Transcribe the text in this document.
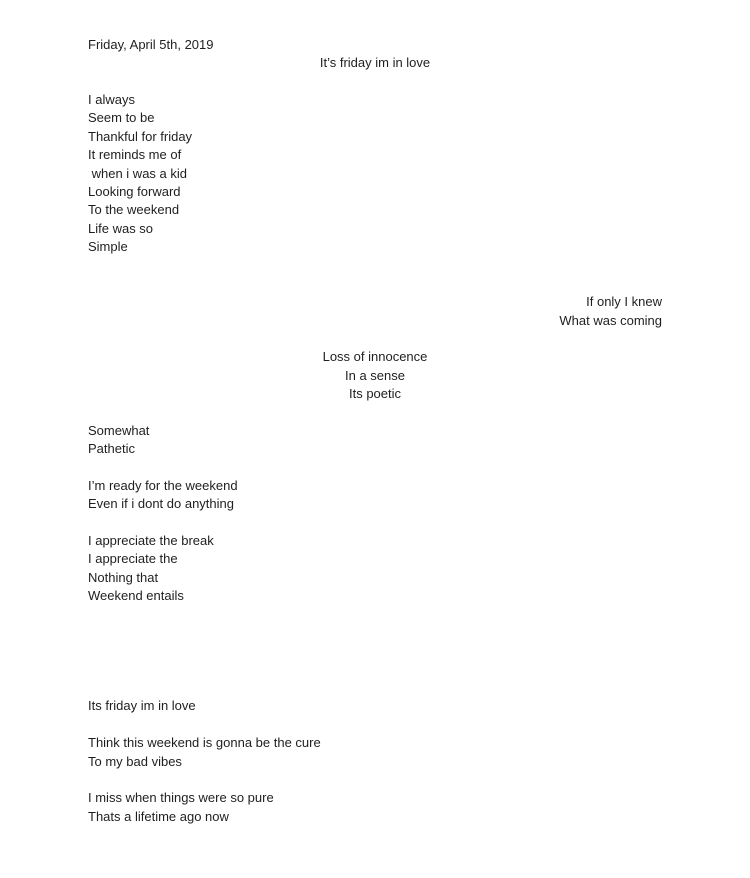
Friday, April 5th, 2019
It’s friday im in love
I always
Seem to be
Thankful for friday
It reminds me of
when i was a kid
Looking forward
To the weekend
Life was so
Simple
If only I knew
What was coming
Loss of innocence
In a sense
Its poetic
Somewhat
Pathetic
I’m ready for the weekend
Even if i dont do anything
I appreciate the break
I appreciate the
Nothing that
Weekend entails
Its friday im in love
Think this weekend is gonna be the cure
To my bad vibes
I miss when things were so pure
Thats a lifetime ago now
